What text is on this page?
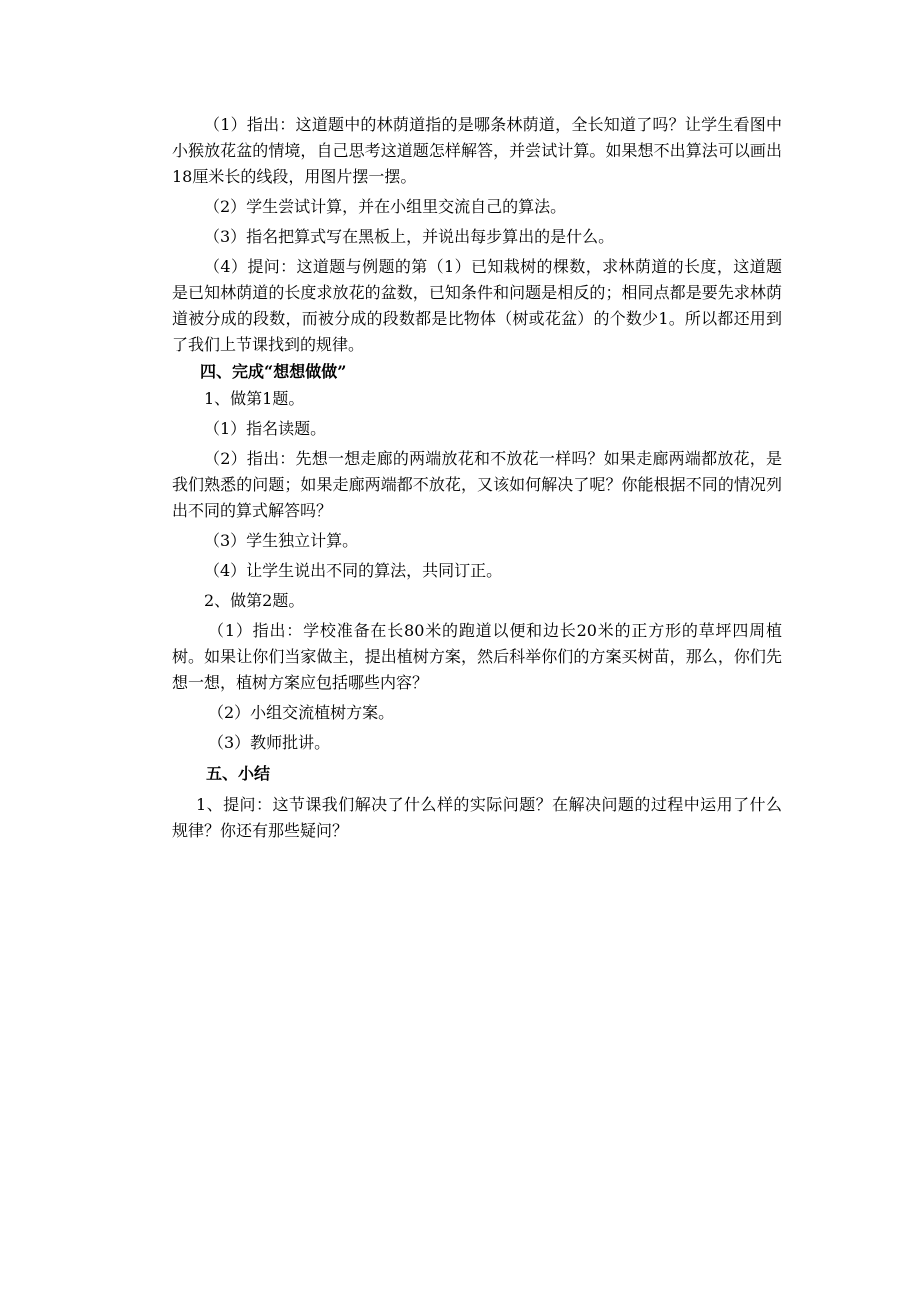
（1）指出：这道题中的林荫道指的是哪条林荫道，全长知道了吗？让学生看图中小猴放花盆的情境，自己思考这道题怎样解答，并尝试计算。如果想不出算法可以画出18厘米长的线段，用图片摆一摆。

（2）学生尝试计算，并在小组里交流自己的算法。

（3）指名把算式写在黑板上，并说出每步算出的是什么。

（4）提问：这道题与例题的第（1）已知栽树的棵数，求林荫道的长度，这道题是已知林荫道的长度求放花的盆数，已知条件和问题是相反的；相同点都是要先求林荫道被分成的段数，而被分成的段数都是比物体（树或花盆）的个数少1。所以都还用到了我们上节课找到的规律。

四、完成“想想做做”

1、做第1题。

（1）指名读题。

（2）指出：先想一想走廊的两端放花和不放花一样吗？如果走廊两端都放花，是我们熟悉的问题；如果走廊两端都不放花，又该如何解决了呢？你能根据不同的情况列出不同的算式解答吗？

（3）学生独立计算。

（4）让学生说出不同的算法，共同订正。

2、做第2题。

（1）指出：学校准备在长80米的跑道以便和边长20米的正方形的草坪四周植树。如果让你们当家做主，提出植树方案，然后科举你们的方案买树苗，那么，你们先想一想，植树方案应包括哪些内容？

（2）小组交流植树方案。

（3）教师批讲。

五、小结

1、提问：这节课我们解决了什么样的实际问题？在解决问题的过程中运用了什么规律？你还有那些疑问？
